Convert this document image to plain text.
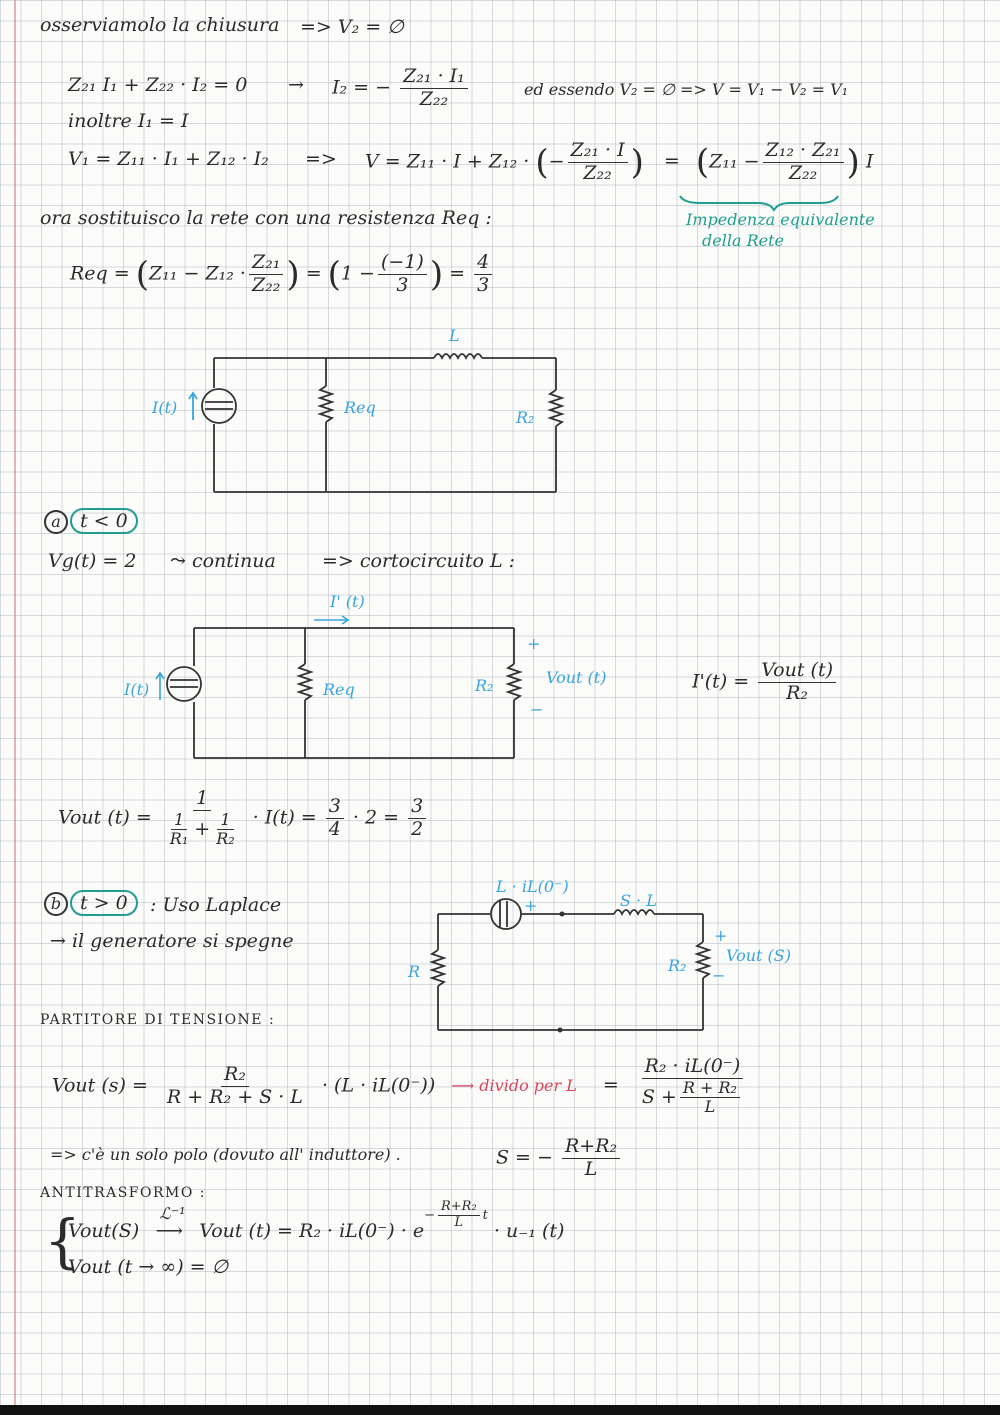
osserviamolo la chiusura => V₂ = ∅
Z₂₁ I₁ + Z₂₂ · I₂ = 0 → I₂ = − $\frac{\text{Z₂₁ · I₁}}{\text{Z₂₂}}$	ed essendo V₂ = ∅ => V = V₁ − V₂ = V₁
inoltre I₁ = I
V₁ = Z₁₁ · I₁ + Z₁₂ · I₂ => V = Z₁₁ · I + Z₁₂ · (− $\frac{\text{Z₂₁ · I}}{\text{Z₂₂}}$ ) = ($Z_{11} - \frac{\text{Z₁₂ · Z₂₁}}{\text{Z₂₂}}$ ) I
Impedenza equivalente
della Rete
ora sostituisco la rete con una resistenza Req :
Req = ($Z_{11} - Z_{12} \cdot \frac{\text{Z₂₁}}{\text{Z₂₂}}$ ) = ($1 - \frac{(-1)}{3}$ ) = $\frac{4}{3}$
L
I(t)	Req
R₂
a t < 0
Vg(t) = 2 ⤳ continua => cortocircuito L :
I' (t)
I(t)	Req	R₂
+
−
Vout (t)	$I'(t) = \frac{\text{Vout (t)}}{\text{R₂}}$
Vout $(t) = \frac{1}{\frac{1}{\text{R₁}} + \frac{1}{\text{R₂}}} \cdot I(t) = \frac{3}{4} \cdot 2 = \frac{3}{2}$
b t > 0	: Uso Laplace
→ il generatore si spegne
L · iL(0⁻)
+	S · L
R	R₂
+
−
Vout (S)
PARTITORE DI TENSIONE :
Vout $(s) = \frac{\text{R₂}}{\text{R + R₂ + S · L}} \cdot (L \cdot iL(0^-))$ ⟶ divido per $L = \frac{\text{R₂ · iL(0⁻)}}{S + \frac{\text{R + R₂}}{L}}$
=> c'è un solo polo (dovuto all' induttore) .	S = − $\frac{\text{R+R₂}}{L}$
ANTITRASFORMO :
{
Vout(S)
ℒ⁻¹
⟶ Vout $(t) = R_2 \cdot iL(0^-) \cdot e- \frac{\text{R+R₂}}{L}$ t · u₋₁ (t)
Vout (t → ∞) = ∅
